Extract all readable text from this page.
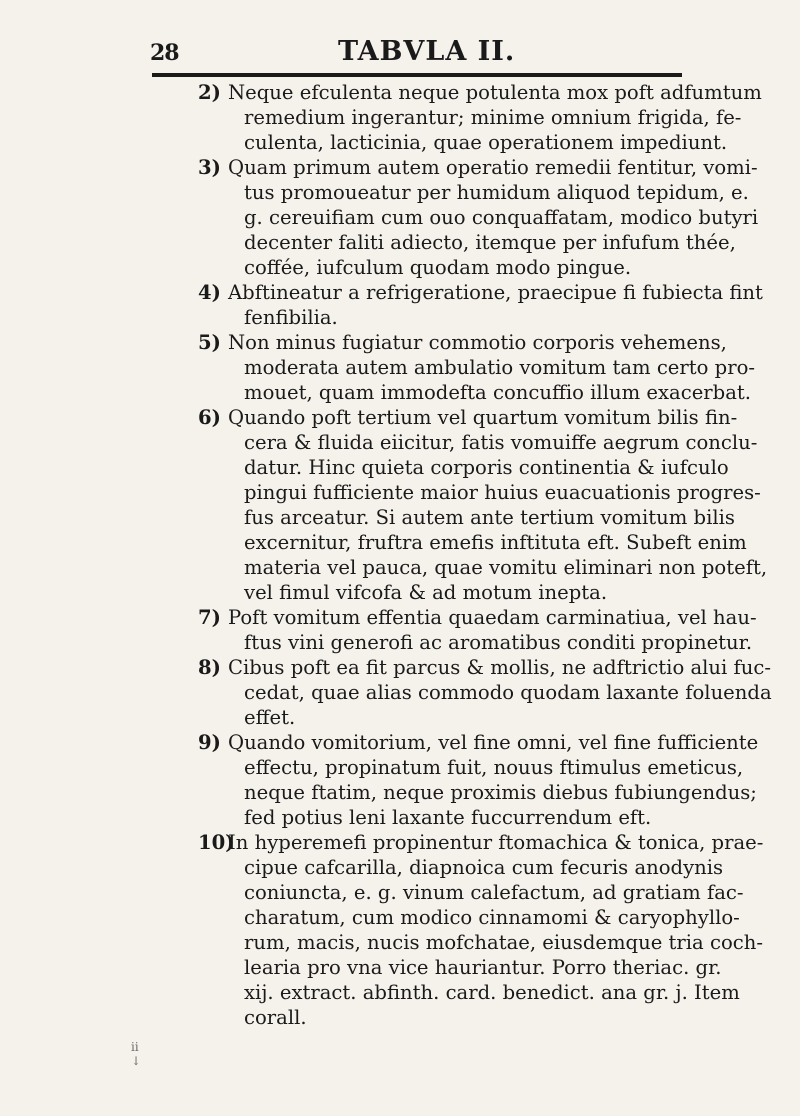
28	TABVLA II.
Neque efculenta neque potulenta mox poft adfumtum
remedium ingerantur; minime omnium frigida, fe-
culenta, lacticinia, quae operationem impediunt.
2)
Quam primum autem operatio remedii fentitur, vomi-
tus promoueatur per humidum aliquod tepidum, e.
g. cereuifiam cum ouo conquaffatam, modico butyri
decenter faliti adiecto, itemque per infufum thée,
coffée, iufculum quodam modo pingue.
3)
Abftineatur a refrigeratione, praecipue fi fubiecta fint
fenfibilia.
4)
Non minus fugiatur commotio corporis vehemens,
moderata autem ambulatio vomitum tam certo pro-
mouet, quam immodefta concuffio illum exacerbat.
5)
Quando poft tertium vel quartum vomitum bilis fin-
cera & fluida eiicitur, fatis vomuiffe aegrum conclu-
datur. Hinc quieta corporis continentia & iufculo
pingui fufficiente maior huius euacuationis progres-
fus arceatur. Si autem ante tertium vomitum bilis
excernitur, fruftra emefis inftituta eft. Subeft enim
materia vel pauca, quae vomitu eliminari non poteft,
vel fimul vifcofa & ad motum inepta.
6)
Poft vomitum effentia quaedam carminatiua, vel hau-
ftus vini generofi ac aromatibus conditi propinetur.
7)
Cibus poft ea fit parcus & mollis, ne adftrictio alui fuc-
cedat, quae alias commodo quodam laxante foluenda
effet.
8)
Quando vomitorium, vel fine omni, vel fine fufficiente
effectu, propinatum fuit, nouus ftimulus emeticus,
neque ftatim, neque proximis diebus fubiungendus;
fed potius leni laxante fuccurrendum eft.
9)
In hyperemefi propinentur ftomachica & tonica, prae-
cipue cafcarilla, diapnoica cum fecuris anodynis
coniuncta, e. g. vinum calefactum, ad gratiam fac-
charatum, cum modico cinnamomi & caryophyllo-
rum, macis, nucis mofchatae, eiusdemque tria coch-
learia pro vna vice hauriantur. Porro theriac. gr.
xij. extract. abfinth. card. benedict. ana gr. j. Item
corall.
10)
ⅱ
↓
